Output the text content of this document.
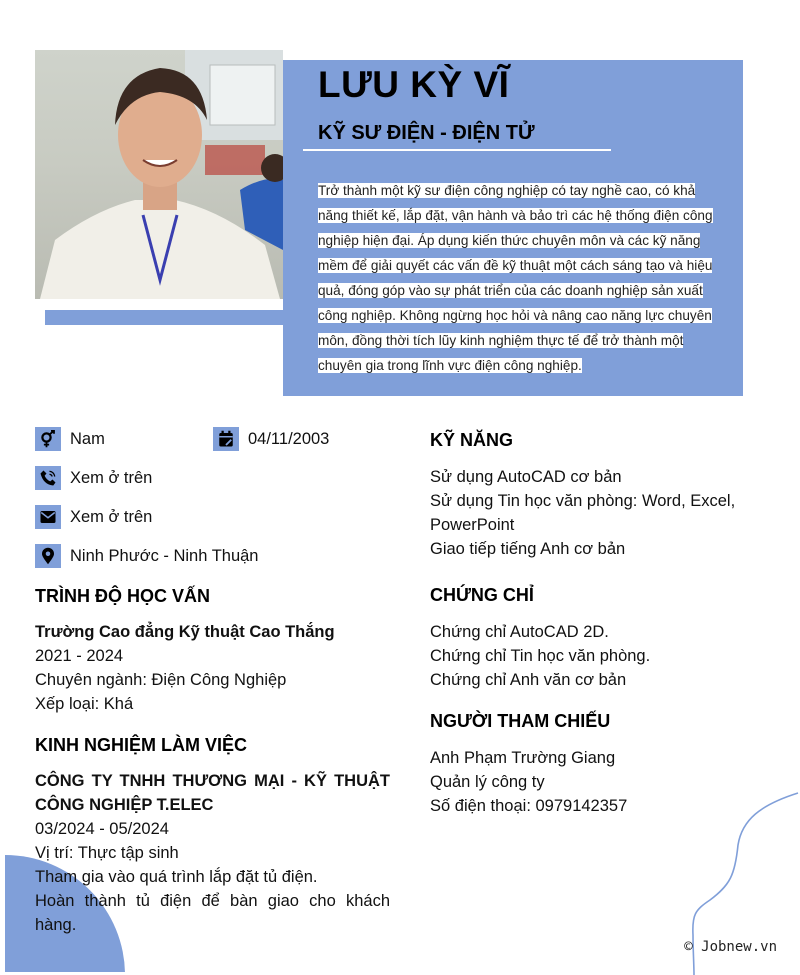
LƯU KỲ VĨ
KỸ SƯ ĐIỆN - ĐIỆN TỬ
Trở thành một kỹ sư điện công nghiệp có tay nghề cao, có khả
năng thiết kế, lắp đặt, vận hành và bảo trì các hệ thống điện công
nghiệp hiện đại. Áp dụng kiến thức chuyên môn và các kỹ năng
mềm để giải quyết các vấn đề kỹ thuật một cách sáng tạo và hiệu
quả, đóng góp vào sự phát triển của các doanh nghiệp sản xuất
công nghiệp. Không ngừng học hỏi và nâng cao năng lực chuyên
môn, đồng thời tích lũy kinh nghiệm thực tế để trở thành một
chuyên gia trong lĩnh vực điện công nghiệp.
Nam	04/11/2003
Xem ở trên
Xem ở trên
Ninh Phước - Ninh Thuận
TRÌNH ĐỘ HỌC VẤN
Trường Cao đẳng Kỹ thuật Cao Thắng
2021 - 2024
Chuyên ngành: Điện Công Nghiệp
Xếp loại: Khá
KINH NGHIỆM LÀM VIỆC
CÔNG TY TNHH THƯƠNG MẠI - KỸ THUẬT CÔNG NGHIỆP T.ELEC
03/2024 - 05/2024
Vị trí: Thực tập sinh
Tham gia vào quá trình lắp đặt tủ điện.
Hoàn thành tủ điện để bàn giao cho khách hàng.
KỸ NĂNG
Sử dụng AutoCAD cơ bản
Sử dụng Tin học văn phòng: Word, Excel, PowerPoint
Giao tiếp tiếng Anh cơ bản
CHỨNG CHỈ
Chứng chỉ AutoCAD 2D.
Chứng chỉ Tin học văn phòng.
Chứng chỉ Anh văn cơ bản
NGƯỜI THAM CHIẾU
Anh Phạm Trường Giang
Quản lý công ty
Số điện thoại: 0979142357
© Jobnew.vn
